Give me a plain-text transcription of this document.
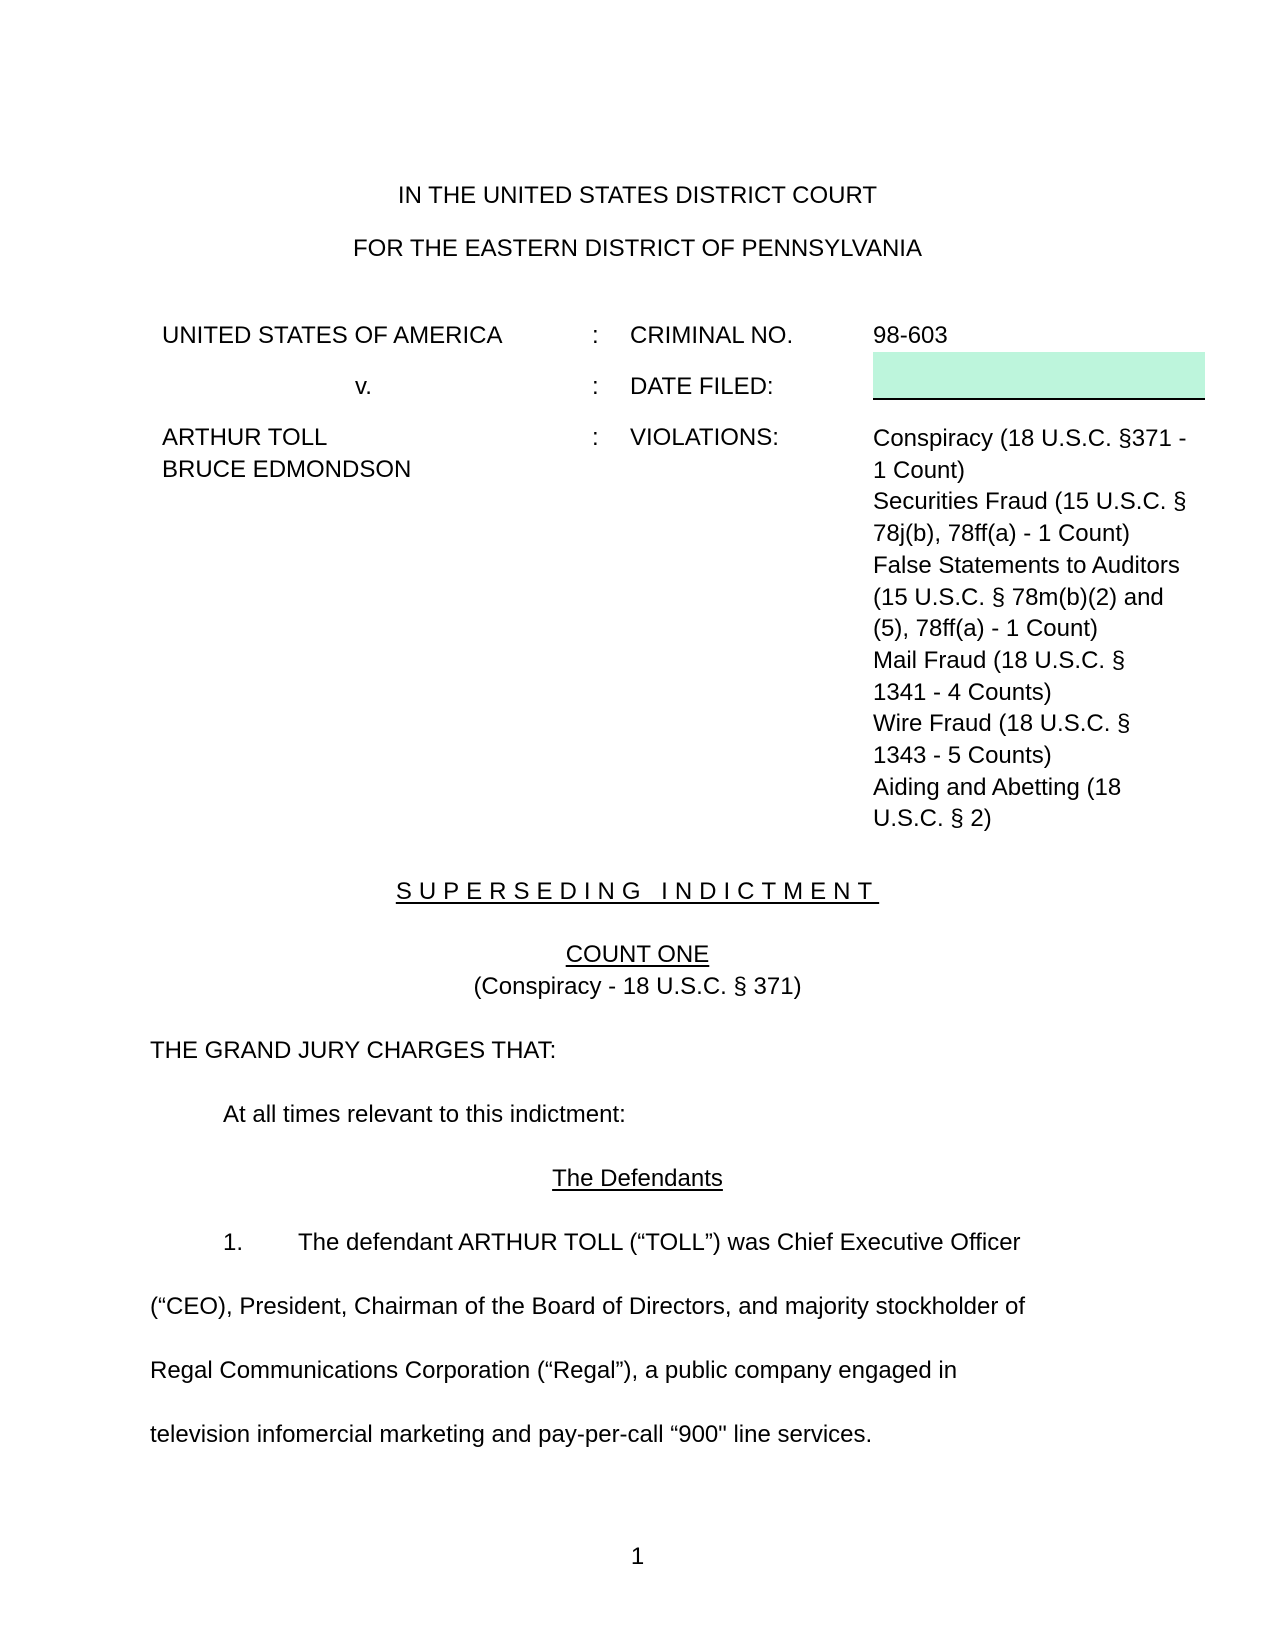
IN THE UNITED STATES DISTRICT COURT
FOR THE EASTERN DISTRICT OF PENNSYLVANIA
UNITED STATES OF AMERICA
v.
ARTHUR TOLL
BRUCE EDMONDSON
:
:
:
CRIMINAL NO.
DATE FILED:
VIOLATIONS:
98-603
Conspiracy (18 U.S.C. §371 -
1 Count)
Securities Fraud (15 U.S.C. §
78j(b), 78ff(a) - 1 Count)
False Statements to Auditors
(15 U.S.C. § 78m(b)(2) and
(5), 78ff(a) - 1 Count)
Mail Fraud (18 U.S.C. §
1341 - 4 Counts)
Wire Fraud (18 U.S.C. §
1343 - 5 Counts)
Aiding and Abetting (18
U.S.C. § 2)
SUPERSEDING INDICTMENT
COUNT ONE
(Conspiracy - 18 U.S.C. § 371)
THE GRAND JURY CHARGES THAT:
At all times relevant to this indictment:
The Defendants
1. The defendant ARTHUR TOLL (“TOLL”) was Chief Executive Officer
(“CEO), President, Chairman of the Board of Directors, and majority stockholder of
Regal Communications Corporation (“Regal”), a public company engaged in
television infomercial marketing and pay-per-call “900" line services.
1
